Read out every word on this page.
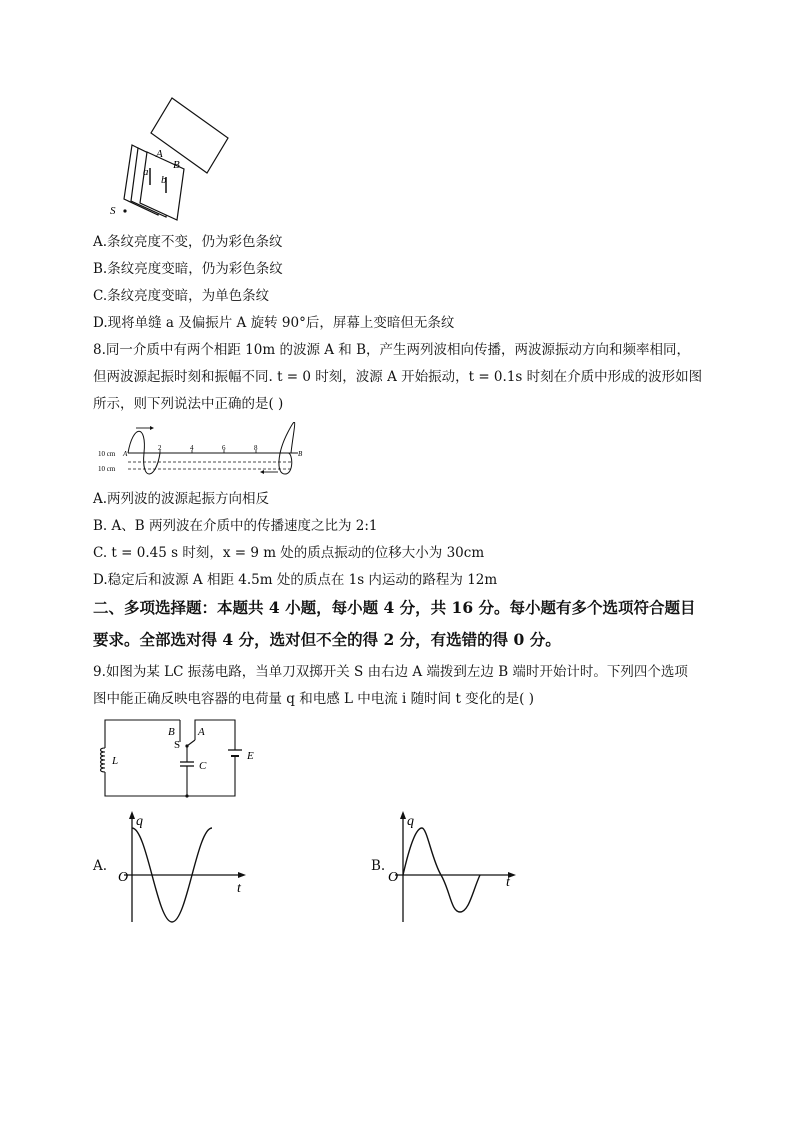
A
B
a
b
S
A.条纹亮度不变，仍为彩色条纹
B.条纹亮度变暗，仍为彩色条纹
C.条纹亮度变暗，为单色条纹
D.现将单缝 a 及偏振片 A 旋转 90°后，屏幕上变暗但无条纹
8.同一介质中有两个相距 10m 的波源 A 和 B，产生两列波相向传播，两波源振动方向和频率相同，
但两波源起振时刻和振幅不同. t = 0 时刻，波源 A 开始振动，t = 0.1s 时刻在介质中形成的波形如图
所示，则下列说法中正确的是( )
10 cm
10 cm
2	4	6	8
A	B
A.两列波的波源起振方向相反
B. A、B 两列波在介质中的传播速度之比为 2:1
C. t = 0.45 s 时刻，x = 9 m 处的质点振动的位移大小为 30cm
D.稳定后和波源 A 相距 4.5m 处的质点在 1s 内运动的路程为 12m
二、多项选择题：本题共 4 小题，每小题 4 分，共 16 分。每小题有多个选项符合题目
要求。全部选对得 4 分，选对但不全的得 2 分，有选错的得 0 分。
9.如图为某 LC 振荡电路，当单刀双掷开关 S 由右边 A 端拨到左边 B 端时开始计时。下列四个选项
图中能正确反映电容器的电荷量 q 和电感 L 中电流 i 随时间 t 变化的是( )
L
B A
S
C
E
A.
q
t
O
B.
q
t
O
